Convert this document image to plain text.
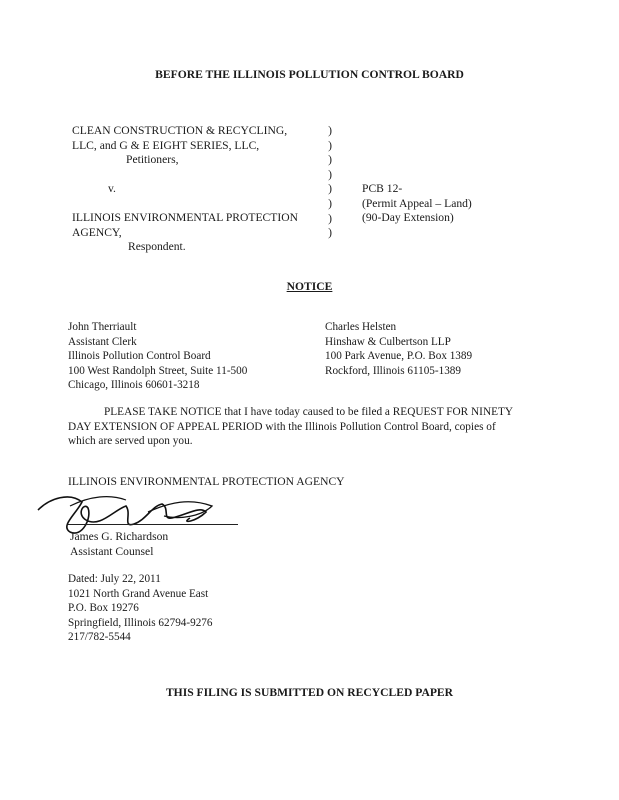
BEFORE THE ILLINOIS POLLUTION CONTROL BOARD
CLEAN CONSTRUCTION & RECYCLING,
LLC, and G & E EIGHT SERIES, LLC,
Petitioners,
v.
ILLINOIS ENVIRONMENTAL PROTECTION
AGENCY,
Respondent.
)
)
)
)
)
)
)
)
PCB 12-
(Permit Appeal – Land)
(90-Day Extension)
NOTICE
John Therriault
Assistant Clerk
Illinois Pollution Control Board
100 West Randolph Street, Suite 11-500
Chicago, Illinois 60601-3218
Charles Helsten
Hinshaw & Culbertson LLP
100 Park Avenue, P.O. Box 1389
Rockford, Illinois 61105-1389
PLEASE TAKE NOTICE that I have today caused to be filed a REQUEST FOR NINETY
DAY EXTENSION OF APPEAL PERIOD with the Illinois Pollution Control Board, copies of
which are served upon you.
ILLINOIS ENVIRONMENTAL PROTECTION AGENCY
James G. Richardson
Assistant Counsel
Dated: July 22, 2011
1021 North Grand Avenue East
P.O. Box 19276
Springfield, Illinois 62794-9276
217/782-5544
THIS FILING IS SUBMITTED ON RECYCLED PAPER
